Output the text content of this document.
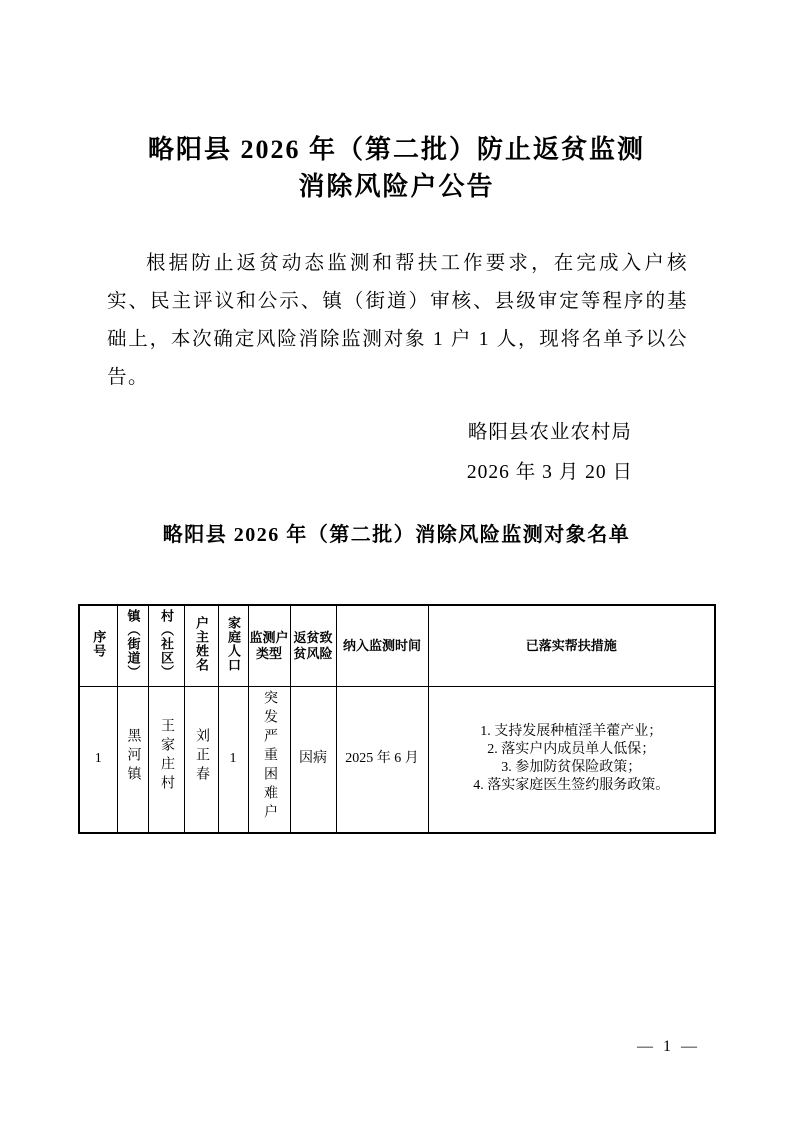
略阳县 2026 年（第二批）防止返贫监测
消除风险户公告
根据防止返贫动态监测和帮扶工作要求，在完成入户核实、民主评议和公示、镇（街道）审核、县级审定等程序的基础上，本次确定风险消除监测对象 1 户 1 人，现将名单予以公告。
略阳县农业农村局
2026 年 3 月 20 日
略阳县 2026 年（第二批）消除风险监测对象名单
序号	镇（街道）	村（社区）	户主姓名	家庭人口	监测户类型	返贫致贫风险	纳入监测时间	已落实帮扶措施
1	黑河镇	王家庄村	刘正春	1	突发严重困难户	因病	2025 年 6 月	1. 支持发展种植淫羊藿产业；
2. 落实户内成员单人低保；
3. 参加防贫保险政策；
4. 落实家庭医生签约服务政策。
— 1 —
